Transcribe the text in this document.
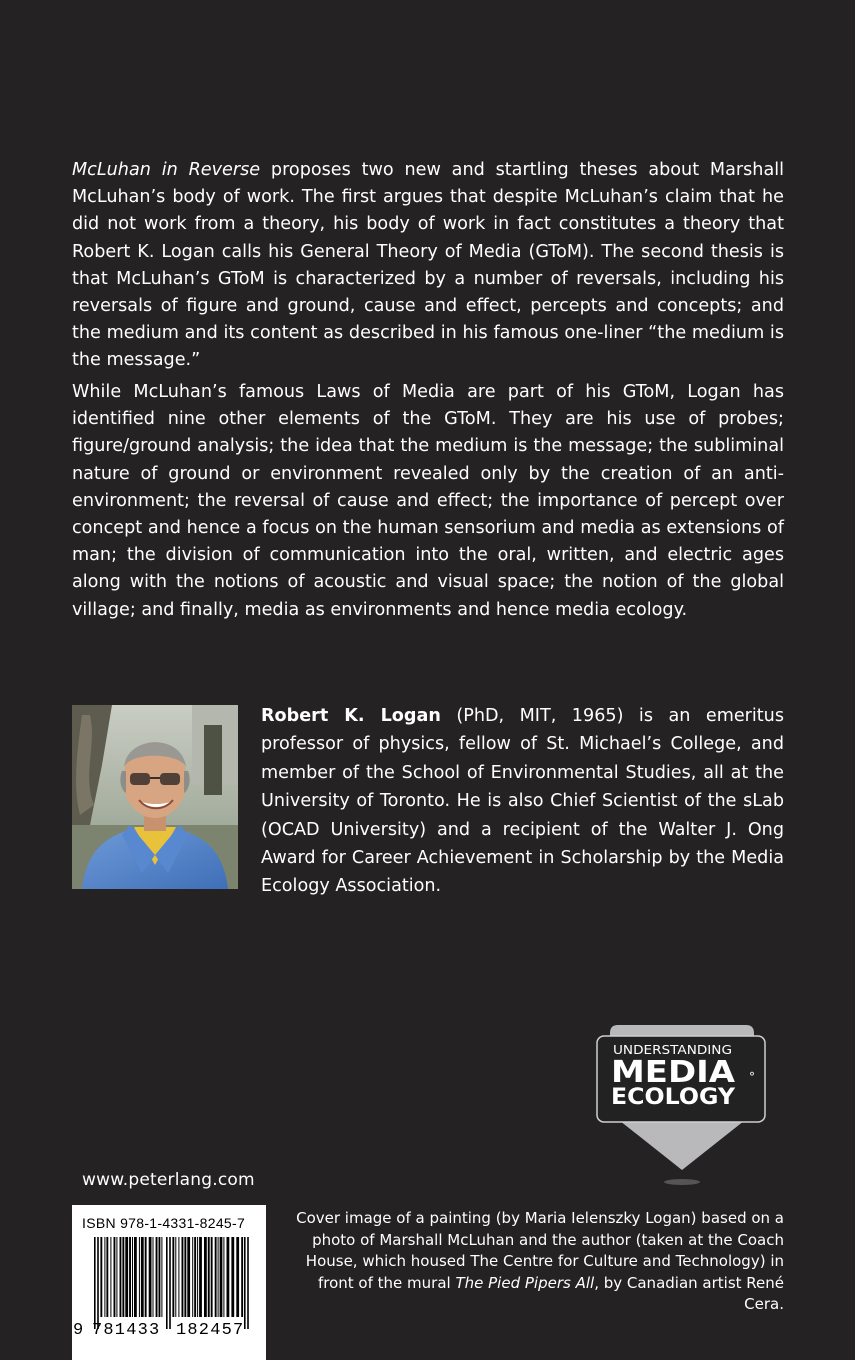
McLuhan in Reverse proposes two new and startling theses about Marshall McLuhan’s body of work. The first argues that despite McLuhan’s claim that he did not work from a theory, his body of work in fact constitutes a theory that Robert K. Logan calls his General Theory of Media (GToM). The second thesis is that McLuhan’s GToM is characterized by a number of reversals, including his reversals of figure and ground, cause and effect, percepts and concepts; and the medium and its content as described in his famous one-liner “the medium is the message.”

While McLuhan’s famous Laws of Media are part of his GToM, Logan has identified nine other elements of the GToM. They are his use of probes; figure/ground analysis; the idea that the medium is the message; the subliminal nature of ground or environment revealed only by the creation of an anti-environment; the reversal of cause and effect; the importance of percept over concept and hence a focus on the human sensorium and media as extensions of man; the division of communication into the oral, written, and electric ages along with the notions of acoustic and visual space; the notion of the global village; and finally, media as environments and hence media ecology.

Robert K. Logan (PhD, MIT, 1965) is an emeritus professor of physics, fellow of St. Michael’s College, and member of the School of Environmental Studies, all at the University of Toronto. He is also Chief Scientist of the sLab (OCAD University) and a recipient of the Walter J. Ong Award for Career Achievement in Scholarship by the Media Ecology Association.

UNDERSTANDING
MEDIA
ECOLOGY
°
www.peterlang.com
ISBN 978-1-4331-8245-7
9 781433 182457

Cover image of a painting (by Maria Ielenszky Logan) based on a photo of Marshall McLuhan and the author (taken at the Coach House, which housed The Centre for Culture and Technology) in front of the mural The Pied Pipers All, by Canadian artist René Cera.
